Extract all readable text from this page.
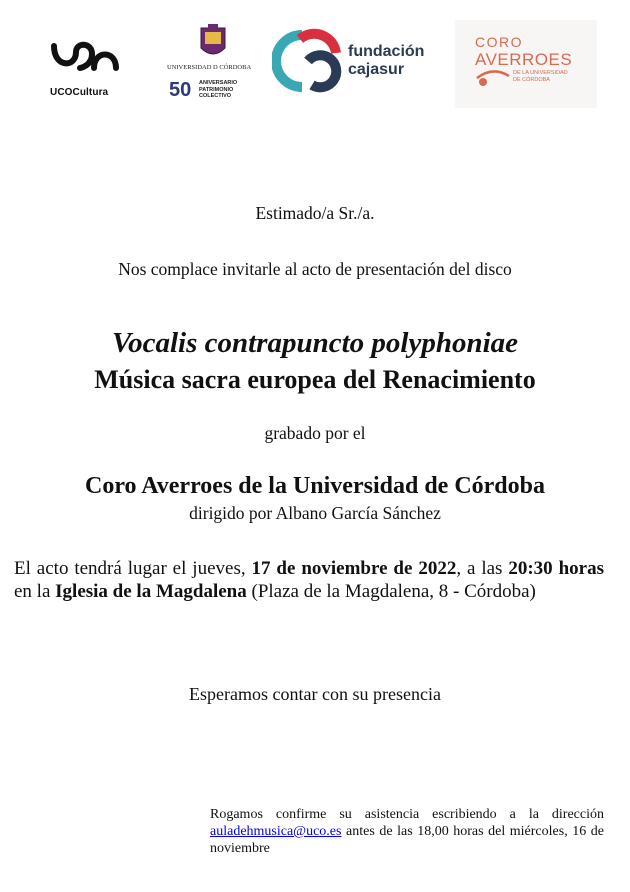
UCOCultura
UNIVERSIDAD D CÓRDOBA
50 ANIVERSARIO
PATRIMONIO
COLECTIVO
fundación
cajasur
CORO
AVERROES
DE LA UNIVERSIDAD
DE CÓRDOBA
Estimado/a Sr./a.
Nos complace invitarle al acto de presentación del disco
Vocalis contrapuncto polyphoniae
Música sacra europea del Renacimiento
grabado por el
Coro Averroes de la Universidad de Córdoba
dirigido por Albano García Sánchez
El acto tendrá lugar el jueves, 17 de noviembre de 2022, a las 20:30 horas en la Iglesia de la Magdalena (Plaza de la Magdalena, 8 - Córdoba)
Esperamos contar con su presencia
Rogamos confirme su asistencia escribiendo a la dirección
auladehmusica@uco.es antes de las 18,00 horas del miércoles, 16 de noviembre
